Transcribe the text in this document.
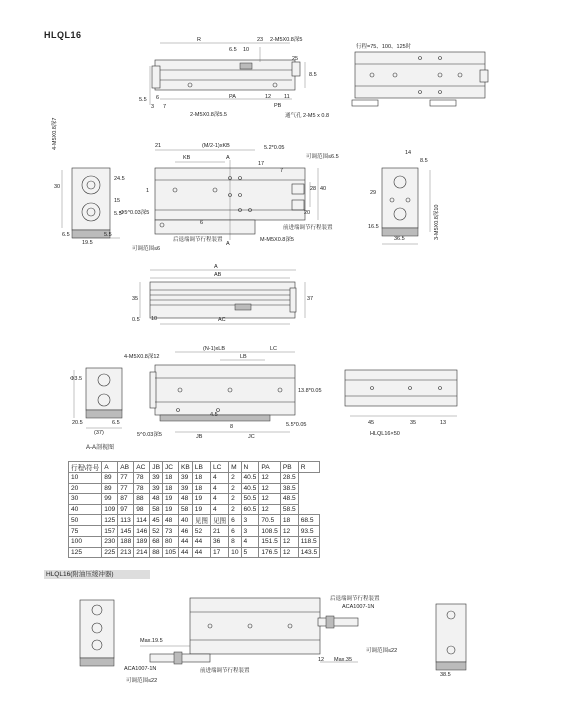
HLQL16	R	23
6.5 10
2-M5X0.8深5
25
8.5
6
5.5
3 7
PA	12 11
PB
2-M5X0.8深5.5	通气孔 2-M5 x 0.8
行程=75、100、125时
21	(M/2-1)xKB
KB	A	可调范围≤6.5
5.2*0.05
28 40
20
Φ5^0.03深5
6
可调范围≤6
后退端调节行程装置
前进端调节行程装置
M-M5X0.8深5
A
1
17
7
4-M5X0.8深7
30
15
24.5
5.5
19.5
6.5	5.5
14
8.5
29
16.5	3-M5X0.8深10
36.5
A
AB
10	AC
35	37
0.5
Φ3.5
4-M5X0.8深12
20.5	6.5
(37)
(N-1)xLB	LC
LB
13.8*0.05
5^0.03深5	JB
8
JC
5.5*0.05
4.5
A-A剖视图
45	35	13
HLQL16×50
行程\符号	A	AB	AC	JB	JC	KB	LB	LC	M	N	PA	PB	R
10	89	77	78	39	18	39	18	4	2	40.5	12	28.5	
20	89	77	78	39	18	39	18	4	2	40.5	12	38.5	
30	99	87	88	48	19	48	19	4	2	50.5	12	48.5	
40	109	97	98	58	19	58	19	4	2	60.5	12	58.5	
50	125	113	114	45	48	40	见图	见图	6	3	70.5	18	68.5
75	157	145	146	52	73	46	52	21	6	3	108.5	12	93.5
100	230	188	189	68	80	44	44	36	8	4	151.5	12	118.5
125	225	213	214	88	105	44	44	17	10	5	176.5	12	143.5
HLQL16(附油压缓冲器)
后退端调节行程装置
ACA1007-1N
Max.19.5
可调范围≤22
12 Max.35
ACA1007-1N	前进端调节行程装置
可调范围≤22
38.5
